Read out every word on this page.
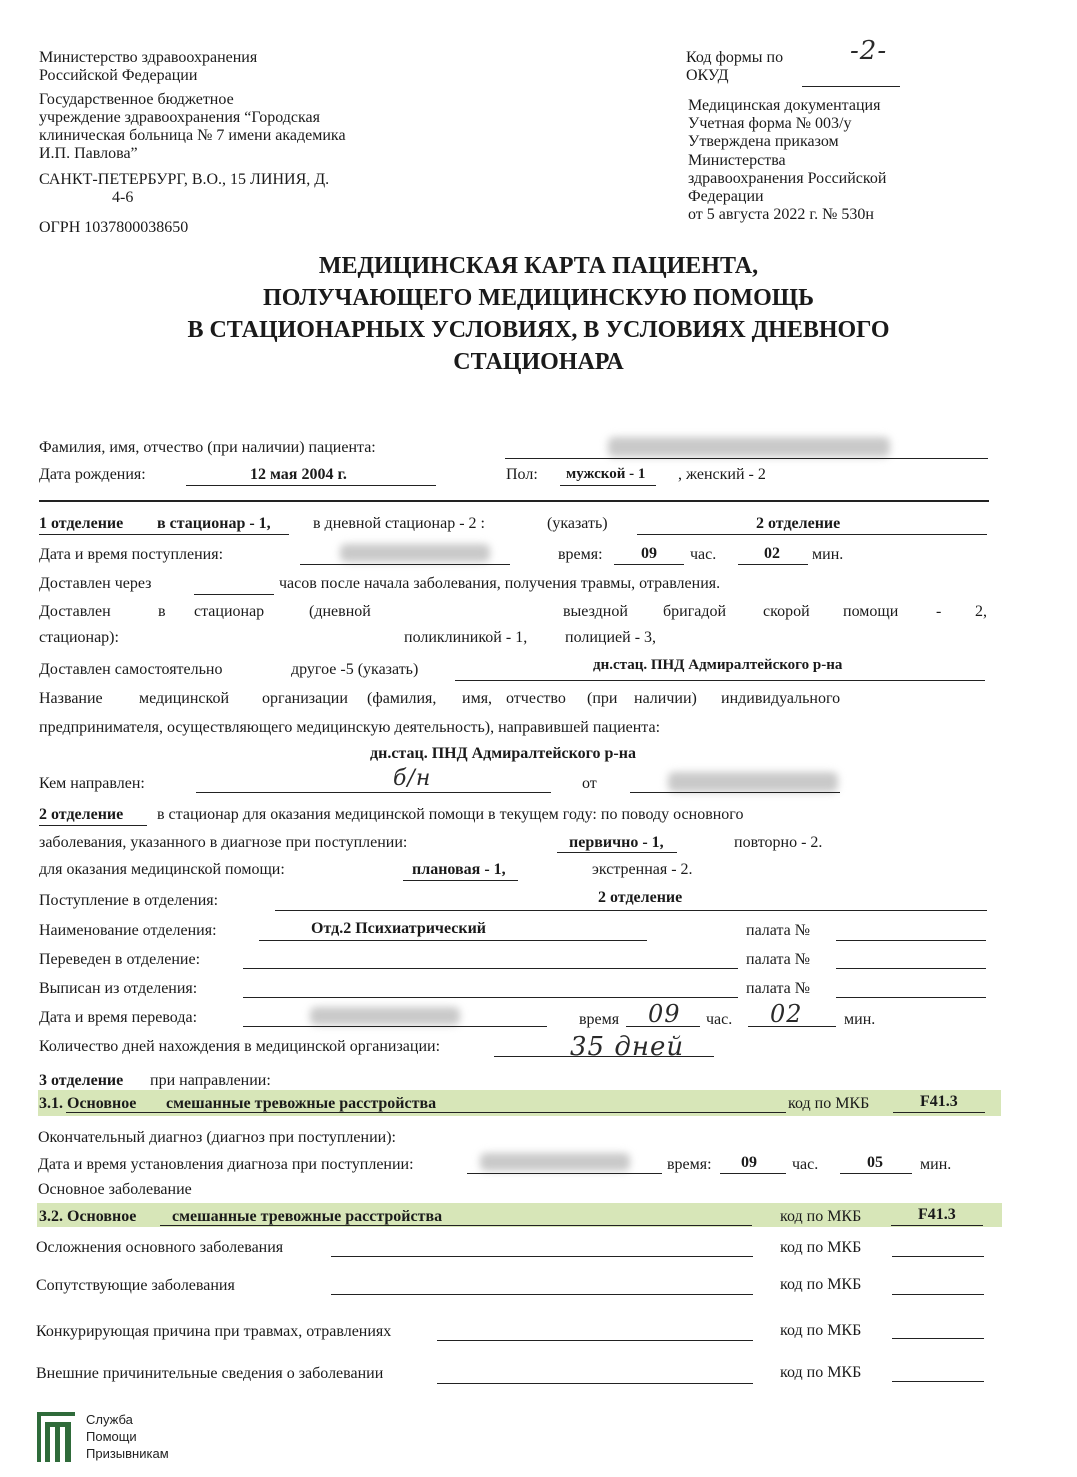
Министерство здравоохранения
Российской Федерации
Государственное бюджетное
учреждение здравоохранения “Городская
клиническая больница № 7 имени академика
И.П. Павлова”
САНКТ-ПЕТЕРБУРГ, В.О., 15 ЛИНИЯ, Д.
4-6
ОГРН 1037800038650
Код формы по
ОКУД
-2-
Медицинская документация
Учетная форма № 003/у
Утверждена приказом
Министерства
здравоохранения Российской
Федерации
от 5 августа 2022 г. № 530н
МЕДИЦИНСКАЯ КАРТА ПАЦИЕНТА,
ПОЛУЧАЮЩЕГО МЕДИЦИНСКУЮ ПОМОЩЬ
В СТАЦИОНАРНЫХ УСЛОВИЯХ, В УСЛОВИЯХ ДНЕВНОГО
СТАЦИОНАРА
Фамилия, имя, отчество (при наличии) пациента:
Дата рождения:	12 мая 2004 г.	Пол: мужской - 1 , женский - 2
1 отделение в стационар - 1,	в дневной стационар - 2 :	(указать)	2 отделение
Дата и время поступления:	время: 09 час.	02 мин.
Доставлен через	часов после начала заболевания, получения травмы, отравления.
Доставлен	в стационар	(дневной	выездной бригадой скорой помощи - 2,
стационар):	поликлиникой - 1, полицией - 3,
Доставлен самостоятельно	другое -5 (указать)	дн.стац. ПНД Адмиралтейского р-на
Название медицинской организации (фамилия, имя, отчество (при наличии) индивидуального
предпринимателя, осуществляющего медицинскую деятельность), направившей пациента:
дн.стац. ПНД Адмиралтейского р-на
Кем направлен:	б/н	от
2 отделение в стационар для оказания медицинской помощи в текущем году: по поводу основного
заболевания, указанного в диагнозе при поступлении:	первично - 1,	повторно - 2.
для оказания медицинской помощи:	плановая - 1,	экстренная - 2.
Поступление в отделения:	2 отделение
Наименование отделения:	Отд.2 Психиатрический	палата №
Переведен в отделение:	палата №
Выписан из отделения:	палата №
Дата и время перевода:	время 09 час. 02	мин.
Количество дней нахождения в медицинской организации:	35 дней
3 отделение при направлении:
3.1. Основное смешанные тревожные расстройства	код по МКБ	F41.3
Окончательный диагноз (диагноз при поступлении):
Дата и время установления диагноза при поступлении:	время: 09 час.	05 мин.
Основное заболевание
3.2. Основное смешанные тревожные расстройства	код по МКБ	F41.3
Осложнения основного заболевания	код по МКБ
Сопутствующие заболевания	код по МКБ
Конкурирующая причина при травмах, отравлениях	код по МКБ
Внешние причинительные сведения о заболевании	код по МКБ
Служба
Помощи
Призывникам
